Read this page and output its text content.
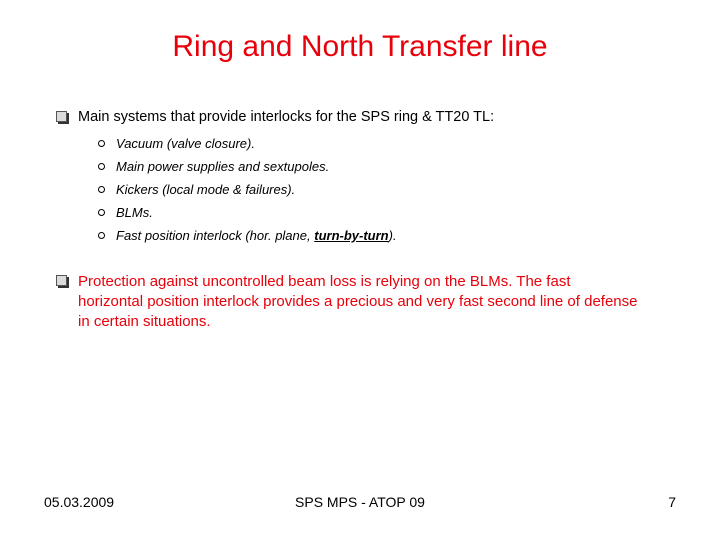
Ring and North Transfer line
Main systems that provide interlocks for the SPS ring & TT20 TL:
Vacuum (valve closure).
Main power supplies and sextupoles.
Kickers (local mode & failures).
BLMs.
Fast position interlock (hor. plane, turn-by-turn).
Protection against uncontrolled beam loss is relying on the BLMs. The fast horizontal position interlock provides a precious and very fast second line of defense in certain situations.
05.03.2009	SPS MPS - ATOP 09	7
